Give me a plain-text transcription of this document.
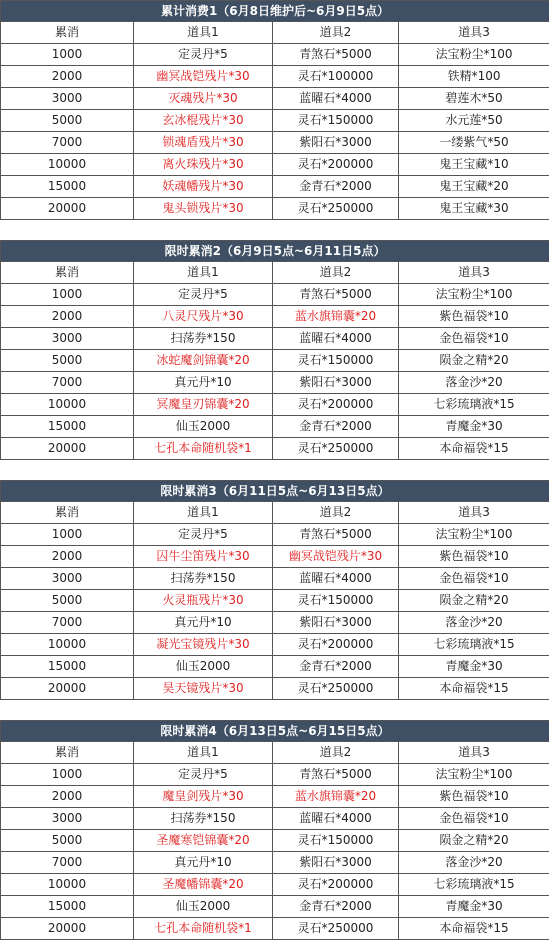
累计消费1（6月8日维护后~6月9日5点）			
累消	道具1	道具2	道具3
1000	定灵丹*5	青煞石*5000	法宝粉尘*100
2000	幽冥战铠残片*30	灵石*100000	铁精*100
3000	灭魂残片*30	蓝曜石*4000	碧莲木*50
5000	玄冰棍残片*30	灵石*150000	水元莲*50
7000	锁魂盾残片*30	紫阳石*3000	一缕紫气*50
10000	离火珠残片*30	灵石*200000	鬼王宝藏*10
15000	妖魂幡残片*30	金青石*2000	鬼王宝藏*20
20000	鬼头锁残片*30	灵石*250000	鬼王宝藏*30
限时累消2（6月9日5点~6月11日5点）			
累消	道具1	道具2	道具3
1000	定灵丹*5	青煞石*5000	法宝粉尘*100
2000	八灵尺残片*30	蓝水旗锦囊*20	紫色福袋*10
3000	扫荡券*150	蓝曜石*4000	金色福袋*10
5000	冰蛇魔剑锦囊*20	灵石*150000	陨金之精*20
7000	真元丹*10	紫阳石*3000	落金沙*20
10000	冥魔皇刃锦囊*20	灵石*200000	七彩琉璃液*15
15000	仙玉2000	金青石*2000	青魔金*30
20000	七孔本命随机袋*1	灵石*250000	本命福袋*15
限时累消3（6月11日5点~6月13日5点）			
累消	道具1	道具2	道具3
1000	定灵丹*5	青煞石*5000	法宝粉尘*100
2000	囚牛尘笛残片*30	幽冥战铠残片*30	紫色福袋*10
3000	扫荡券*150	蓝曜石*4000	金色福袋*10
5000	火灵瓶残片*30	灵石*150000	陨金之精*20
7000	真元丹*10	紫阳石*3000	落金沙*20
10000	凝光宝镜残片*30	灵石*200000	七彩琉璃液*15
15000	仙玉2000	金青石*2000	青魔金*30
20000	昊天镜残片*30	灵石*250000	本命福袋*15
限时累消4（6月13日5点~6月15日5点）			
累消	道具1	道具2	道具3
1000	定灵丹*5	青煞石*5000	法宝粉尘*100
2000	魔皇剑残片*30	蓝水旗锦囊*20	紫色福袋*10
3000	扫荡券*150	蓝曜石*4000	金色福袋*10
5000	圣魔寒铠锦囊*20	灵石*150000	陨金之精*20
7000	真元丹*10	紫阳石*3000	落金沙*20
10000	圣魔幡锦囊*20	灵石*200000	七彩琉璃液*15
15000	仙玉2000	金青石*2000	青魔金*30
20000	七孔本命随机袋*1	灵石*250000	本命福袋*15
